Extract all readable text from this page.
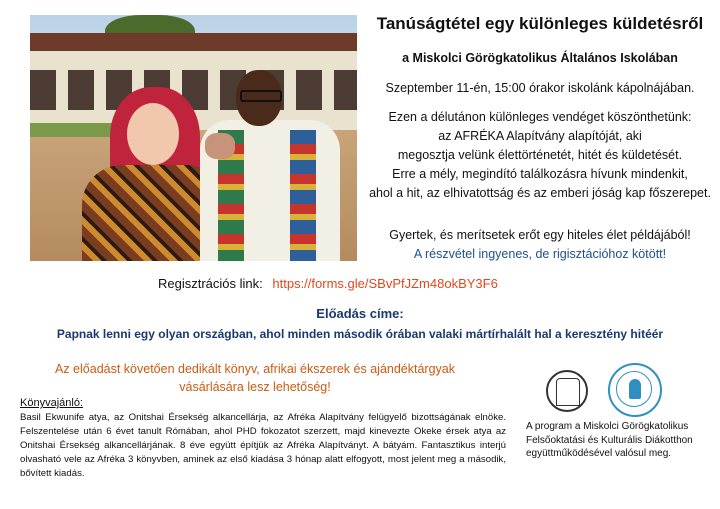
Tanúságtétel egy különleges küldetésről
a Miskolci Görögkatolikus Általános Iskolában
Szeptember 11-én, 15:00 órakor iskolánk kápolnájában.
Ezen a délutánon különleges vendéget köszönthetünk:
az AFRÉKA Alapítvány alapítóját, aki
megosztja velünk élettörténetét, hitét és küldetését.
Erre a mély, megindító találkozásra hívunk mindenkit,
ahol a hit, az elhivatottság és az emberi jóság kap főszerepet.
Gyertek, és merítsetek erőt egy hiteles élet példájából!
A részvétel ingyenes, de rigisztációhoz kötött!
Regisztrációs link: https://forms.gle/SBvPfJZm48okBY3F6
Előadás címe:
Papnak lenni egy olyan országban, ahol minden második órában valaki mártírhalált hal a keresztény hitéér
Az előadást követően dedikált könyv, afrikai ékszerek és ajándéktárgyak
vásárlására lesz lehetőség!
Könyvajánló:
Basil Ekwunife atya, az Onitshai Érsekség alkancellárja, az Afréka Alapítvány felügyelő bizottságának elnöke. Felszentelése után 6 évet tanult Rómában, ahol PHD fokozatot szerzett, majd kinevezte Okeke érsek atya az Onitshai Érsekség alkancellárjának. 8 éve együtt építjük az Afréka Alapítványt. A bátyám. Fantasztikus interjú olvasható vele az Afréka 3 könyvben, aminek az első kiadása 3 hónap alatt elfogyott, most jelent meg a második, bővített kiadás.
A program a Miskolci Görögkatolikus Felsőoktatási és Kulturális Diákotthon együttműködésével valósul meg.
